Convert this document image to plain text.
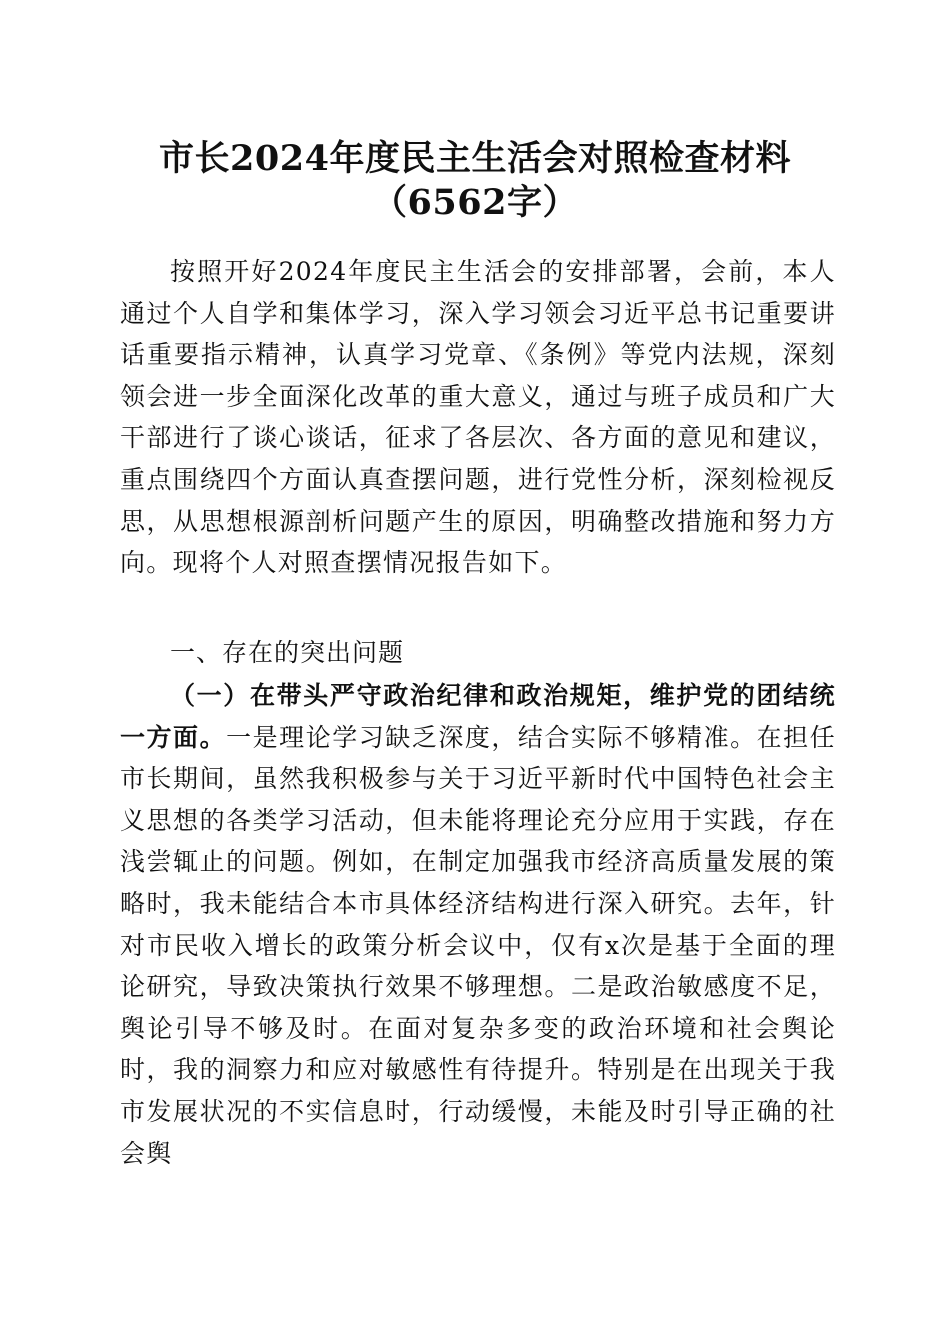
市长2024年度民主生活会对照检查材料
（6562字）

按照开好2024年度民主生活会的安排部署，会前，本人通过个人自学和集体学习，深入学习领会习近平总书记重要讲话重要指示精神，认真学习党章、《条例》等党内法规，深刻领会进一步全面深化改革的重大意义，通过与班子成员和广大干部进行了谈心谈话，征求了各层次、各方面的意见和建议，重点围绕四个方面认真查摆问题，进行党性分析，深刻检视反思，从思想根源剖析问题产生的原因，明确整改措施和努力方向。现将个人对照查摆情况报告如下。

一、存在的突出问题

（一）在带头严守政治纪律和政治规矩，维护党的团结统一方面。一是理论学习缺乏深度，结合实际不够精准。在担任市长期间，虽然我积极参与关于习近平新时代中国特色社会主义思想的各类学习活动，但未能将理论充分应用于实践，存在浅尝辄止的问题。例如，在制定加强我市经济高质量发展的策略时，我未能结合本市具体经济结构进行深入研究。去年，针对市民收入增长的政策分析会议中，仅有x次是基于全面的理论研究，导致决策执行效果不够理想。二是政治敏感度不足，舆论引导不够及时。在面对复杂多变的政治环境和社会舆论时，我的洞察力和应对敏感性有待提升。特别是在出现关于我市发展状况的不实信息时，行动缓慢，未能及时引导正确的社会舆
